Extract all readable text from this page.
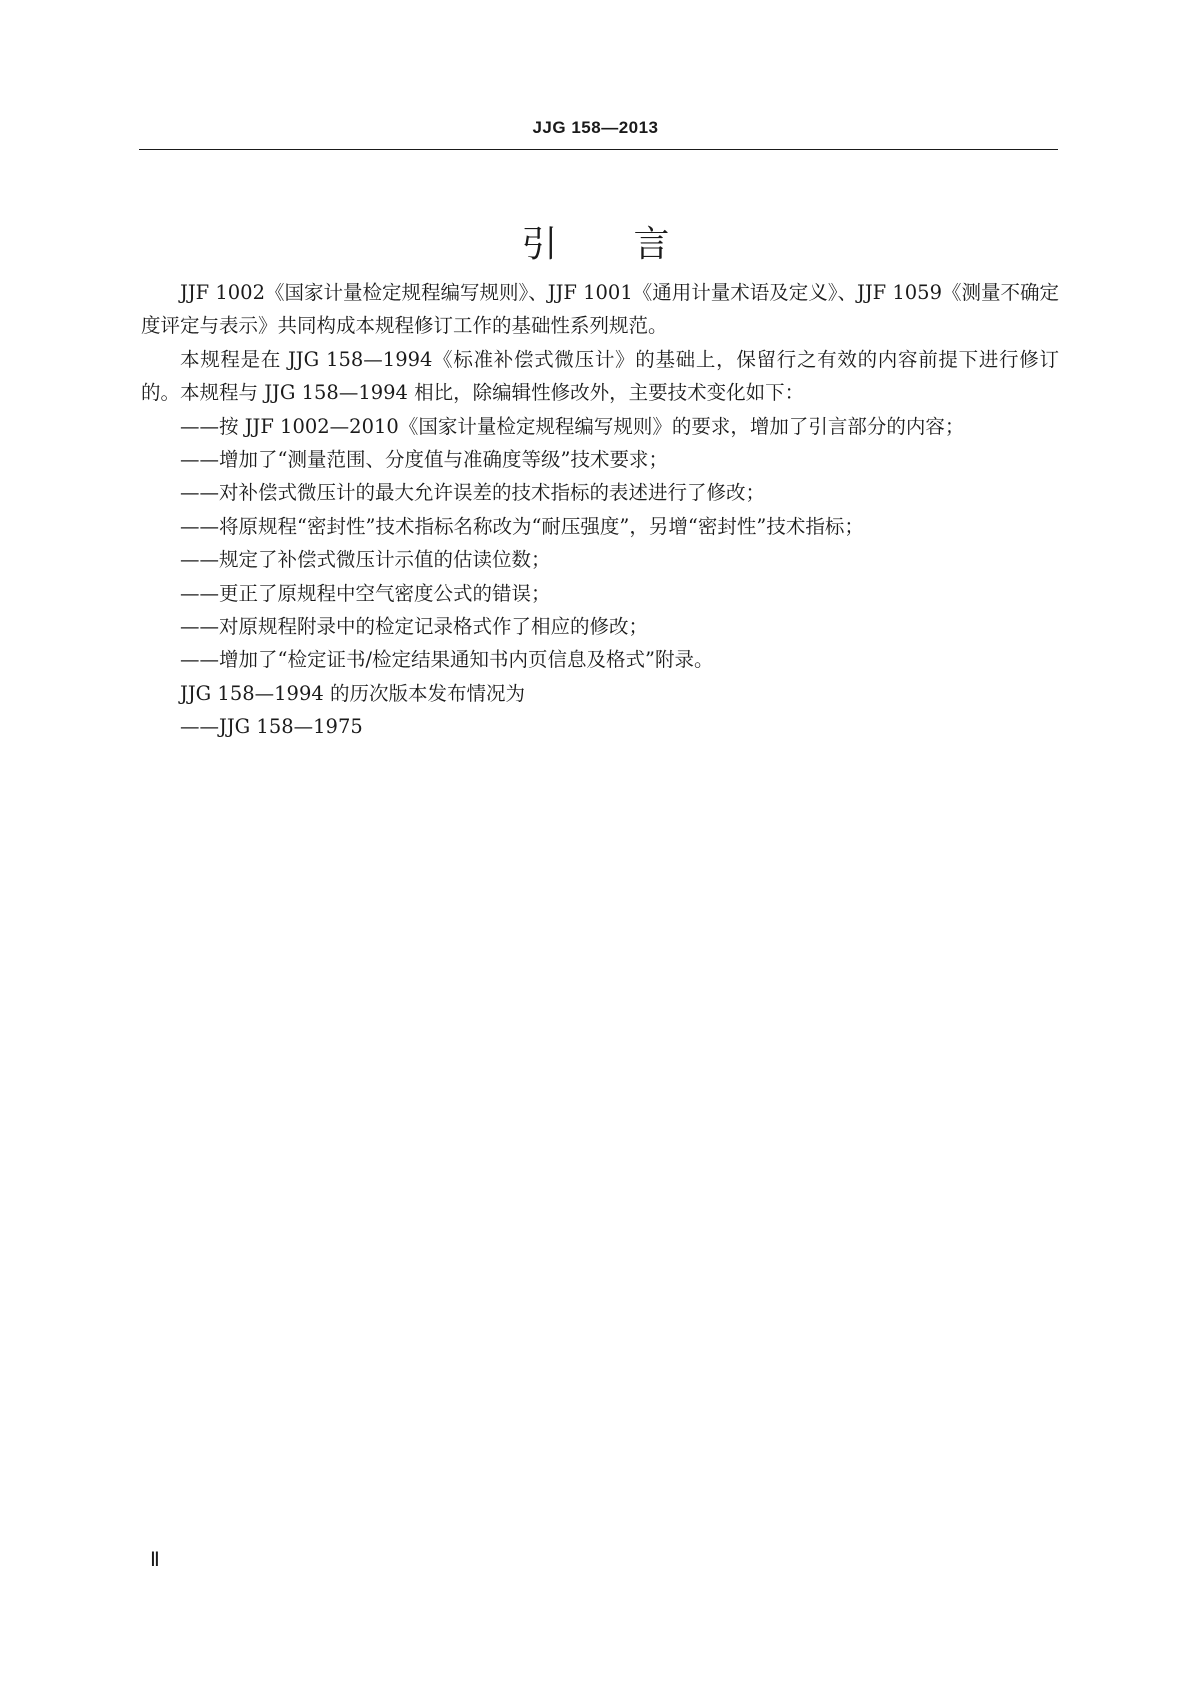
JJG 158—2013
引言

JJF 1002《国家计量检定规程编写规则》、JJF 1001《通用计量术语及定义》、JJF 1059《测量不确定度评定与表示》共同构成本规程修订工作的基础性系列规范。

本规程是在 JJG 158—1994《标准补偿式微压计》的基础上，保留行之有效的内容前提下进行修订的。本规程与 JJG 158—1994 相比，除编辑性修改外，主要技术变化如下：

——按 JJF 1002—2010《国家计量检定规程编写规则》的要求，增加了引言部分的内容；

——增加了“测量范围、分度值与准确度等级”技术要求；

——对补偿式微压计的最大允许误差的技术指标的表述进行了修改；

——将原规程“密封性”技术指标名称改为“耐压强度”，另增“密封性”技术指标；

——规定了补偿式微压计示值的估读位数；

——更正了原规程中空气密度公式的错误；

——对原规程附录中的检定记录格式作了相应的修改；

——增加了“检定证书/检定结果通知书内页信息及格式”附录。

JJG 158—1994 的历次版本发布情况为

——JJG 158—1975

Ⅱ
